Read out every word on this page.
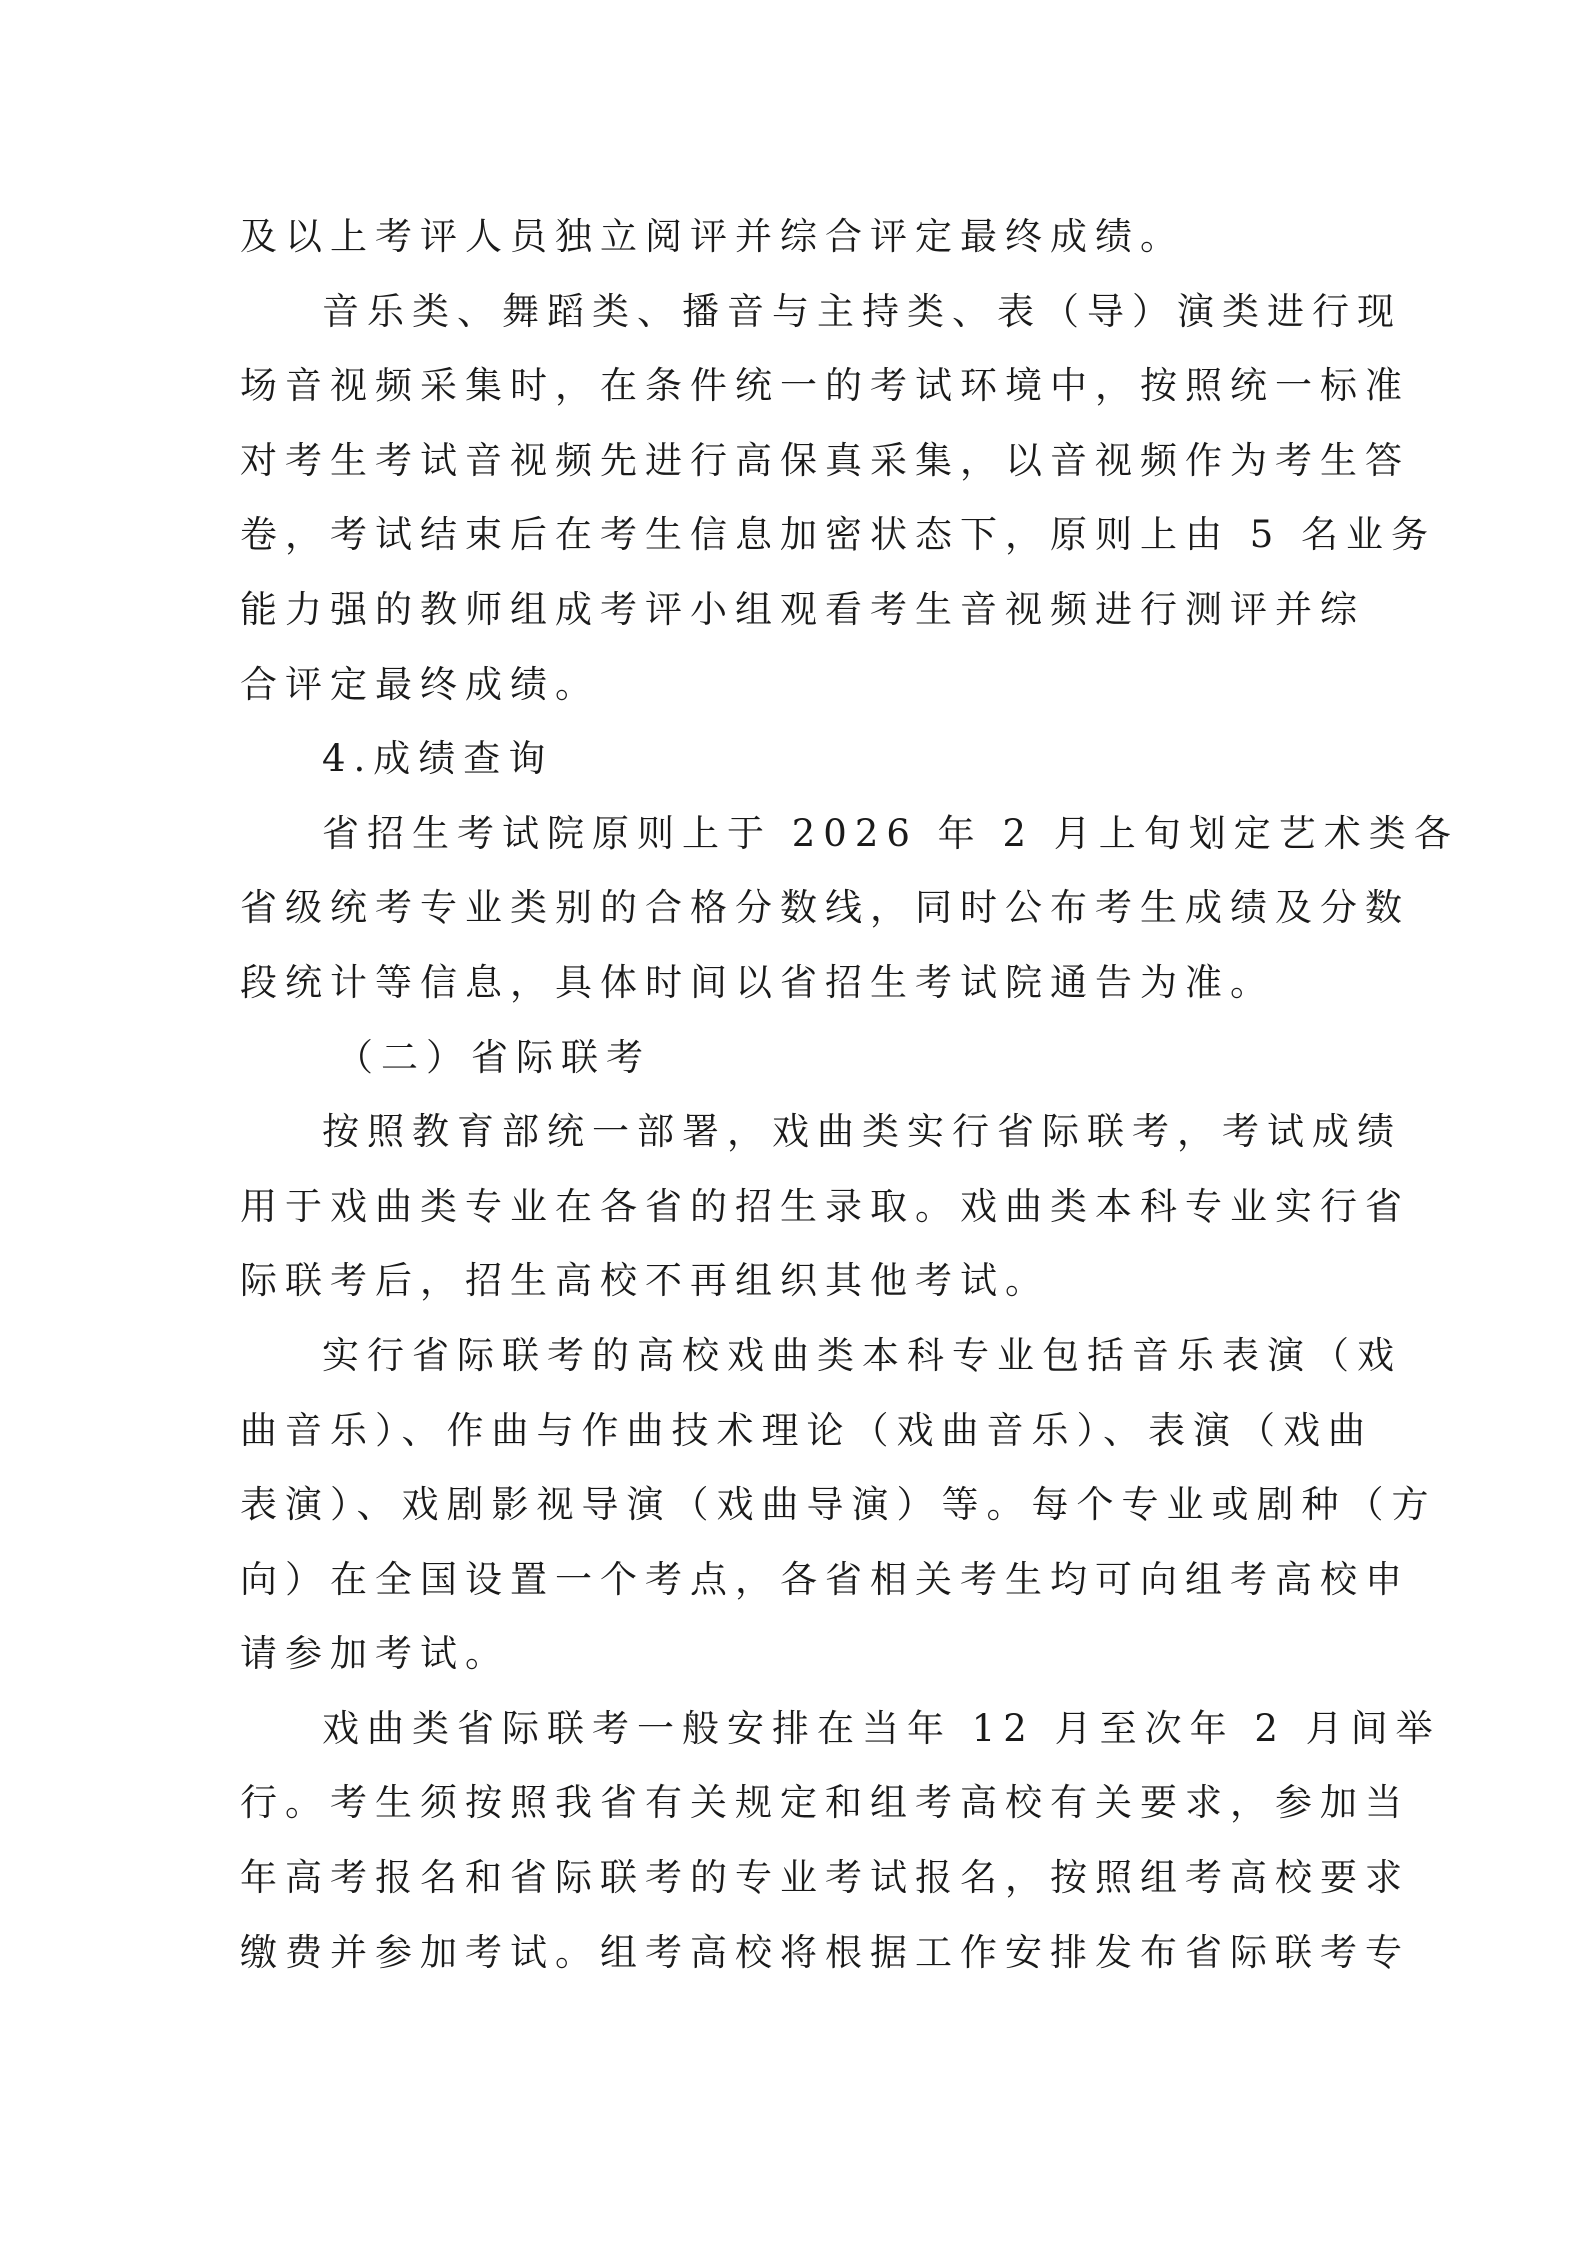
及以上考评人员独立阅评并综合评定最终成绩。
音乐类、舞蹈类、播音与主持类、表（导）演类进行现
场音视频采集时，在条件统一的考试环境中，按照统一标准
对考生考试音视频先进行高保真采集，以音视频作为考生答
卷，考试结束后在考生信息加密状态下，原则上由 5 名业务
能力强的教师组成考评小组观看考生音视频进行测评并综
合评定最终成绩。
4.成绩查询
省招生考试院原则上于 2026 年 2 月上旬划定艺术类各
省级统考专业类别的合格分数线，同时公布考生成绩及分数
段统计等信息，具体时间以省招生考试院通告为准。
（二）省际联考
按照教育部统一部署，戏曲类实行省际联考，考试成绩
用于戏曲类专业在各省的招生录取。戏曲类本科专业实行省
际联考后，招生高校不再组织其他考试。
实行省际联考的高校戏曲类本科专业包括音乐表演（戏
曲音乐）、作曲与作曲技术理论（戏曲音乐）、表演（戏曲
表演）、戏剧影视导演（戏曲导演）等。每个专业或剧种（方
向）在全国设置一个考点，各省相关考生均可向组考高校申
请参加考试。
戏曲类省际联考一般安排在当年 12 月至次年 2 月间举
行。考生须按照我省有关规定和组考高校有关要求，参加当
年高考报名和省际联考的专业考试报名，按照组考高校要求
缴费并参加考试。组考高校将根据工作安排发布省际联考专
